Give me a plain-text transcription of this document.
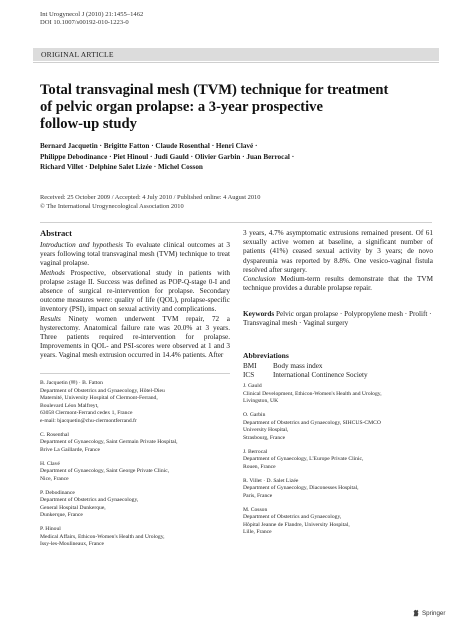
Int Urogynecol J (2010) 21:1455–1462
DOI 10.1007/s00192-010-1223-0
ORIGINAL ARTICLE
Total transvaginal mesh (TVM) technique for treatment
of pelvic organ prolapse: a 3-year prospective
follow-up study
Bernard Jacquetin · Brigitte Fatton · Claude Rosenthal · Henri Clavé ·
Philippe Debodinance · Piet Hinoul · Judi Gauld · Olivier Garbin · Juan Berrocal ·
Richard Villet · Delphine Salet Lizée · Michel Cosson
Received: 25 October 2009 / Accepted: 4 July 2010 / Published online: 4 August 2010
© The International Urogynecological Association 2010
Abstract

Introduction and hypothesis To evaluate clinical outcomes at 3 years following total transvaginal mesh (TVM) technique to treat vaginal prolapse.

Methods Prospective, observational study in patients with prolapse ≥stage II. Success was defined as POP-Q-stage 0-I and absence of surgical re-intervention for prolapse. Secondary outcome measures were: quality of life (QOL), prolapse-specific inventory (PSI), impact on sexual activity and complications.

Results Ninety women underwent TVM repair, 72 a hysterectomy. Anatomical failure rate was 20.0% at 3 years. Three patients required re-intervention for prolapse. Improvements in QOL- and PSI-scores were observed at 1 and 3 years. Vaginal mesh extrusion occurred in 14.4% patients. After

3 years, 4.7% asymptomatic extrusions remained present. Of 61 sexually active women at baseline, a significant number of patients (41%) ceased sexual activity by 3 years; de novo dyspareunia was reported by 8.8%. One vesico-vaginal fistula resolved after surgery.

Conclusion Medium-term results demonstrate that the TVM technique provides a durable prolapse repair.

Keywords Pelvic organ prolapse · Polypropylene mesh · Prolift · Transvaginal mesh · Vaginal surgery
Abbreviations
BMI	Body mass index
ICS	International Continence Society
B. Jacquetin (✉) · B. Fatton
Department of Obstetrics and Gynaecology, Hôtel-Dieu
Maternité, University Hospital of Clermont-Ferrand,
Boulevard Léon Malfreyt,
63058 Clermont-Ferrand cedex 1, France
e-mail: bjacquetin@chu-clermontferrand.fr
C. Rosenthal
Department of Gynaecology, Saint Germain Private Hospital,
Brive La Gaillarde, France
H. Clavé
Department of Gynaecology, Saint George Private Clinic,
Nice, France
P. Debodinance
Department of Obstetrics and Gynaecology,
General Hospital Dunkerque,
Dunkerque, France
P. Hinoul
Medical Affairs, Ethicon-Women's Health and Urology,
Issy-les-Moulineaux, France
J. Gauld
Clinical Development, Ethicon-Women's Health and Urology,
Livingston, UK
O. Garbin
Department of Obstetrics and Gynaecology, SIHCUS-CMCO
University Hospital,
Strasbourg, France
J. Berrocal
Department of Gynaecology, L'Europe Private Clinic,
Rouen, France
R. Villet · D. Salet Lizée
Department of Gynaecology, Diaconesses Hospital,
Paris, France
M. Cosson
Department of Obstetrics and Gynaecology,
Hôpital Jeanne de Flandre, University Hospital,
Lille, France
Springer
